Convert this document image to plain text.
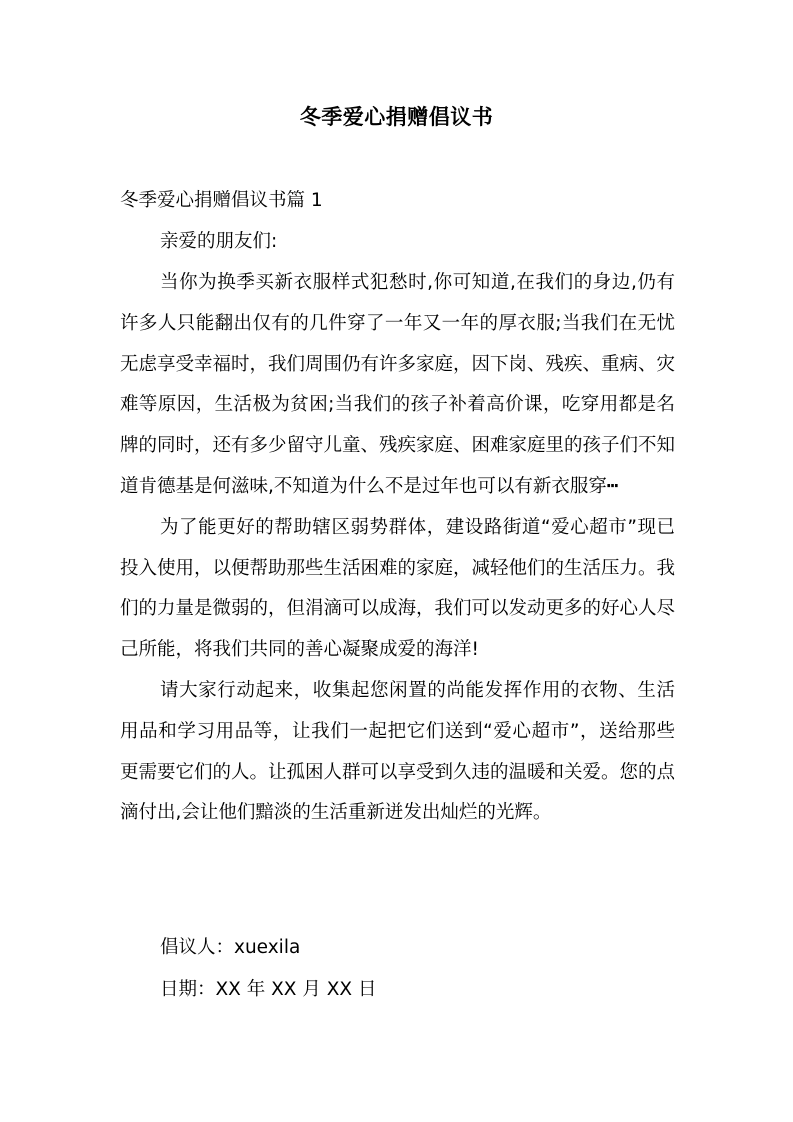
冬季爱心捐赠倡议书
冬季爱心捐赠倡议书篇 1
亲爱的朋友们:

当你为换季买新衣服样式犯愁时,你可知道,在我们的身边,仍有许多人只能翻出仅有的几件穿了一年又一年的厚衣服;当我们在无忧无虑享受幸福时，我们周围仍有许多家庭，因下岗、残疾、重病、灾难等原因，生活极为贫困;当我们的孩子补着高价课，吃穿用都是名牌的同时，还有多少留守儿童、残疾家庭、困难家庭里的孩子们不知道肯德基是何滋味,不知道为什么不是过年也可以有新衣服穿┅

为了能更好的帮助辖区弱势群体，建设路街道“爱心超市”现已投入使用，以便帮助那些生活困难的家庭，减轻他们的生活压力。我们的力量是微弱的，但涓滴可以成海，我们可以发动更多的好心人尽己所能，将我们共同的善心凝聚成爱的海洋!

请大家行动起来，收集起您闲置的尚能发挥作用的衣物、生活用品和学习用品等，让我们一起把它们送到“爱心超市”，送给那些更需要它们的人。让孤困人群可以享受到久违的温暖和关爱。您的点滴付出,会让他们黯淡的生活重新迸发出灿烂的光辉。

倡议人：xuexila
日期：XX 年 XX 月 XX 日
